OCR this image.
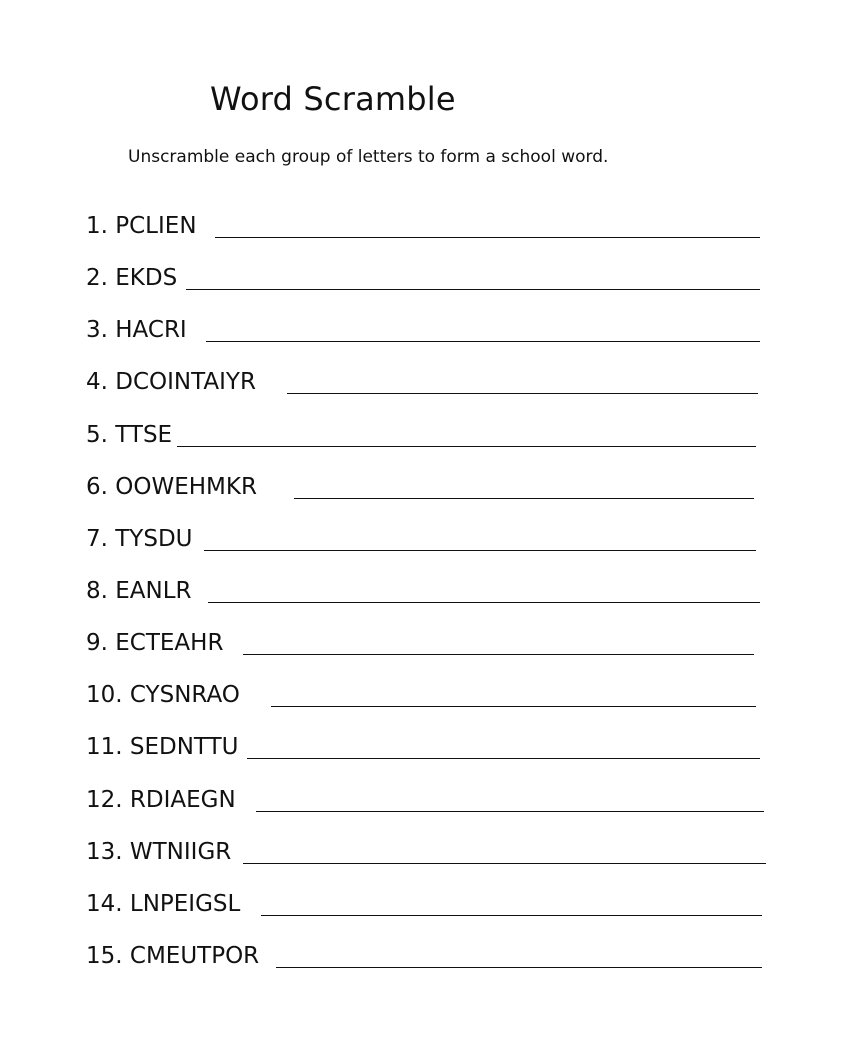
Word Scramble
Unscramble each group of letters to form a school word.
1. PCLIEN
2. EKDS
3. HACRI
4. DCOINTAIYR
5. TTSE
6. OOWEHMKR
7. TYSDU
8. EANLR
9. ECTEAHR
10. CYSNRAO
11. SEDNTTU
12. RDIAEGN
13. WTNIIGR
14. LNPEIGSL
15. CMEUTPOR
